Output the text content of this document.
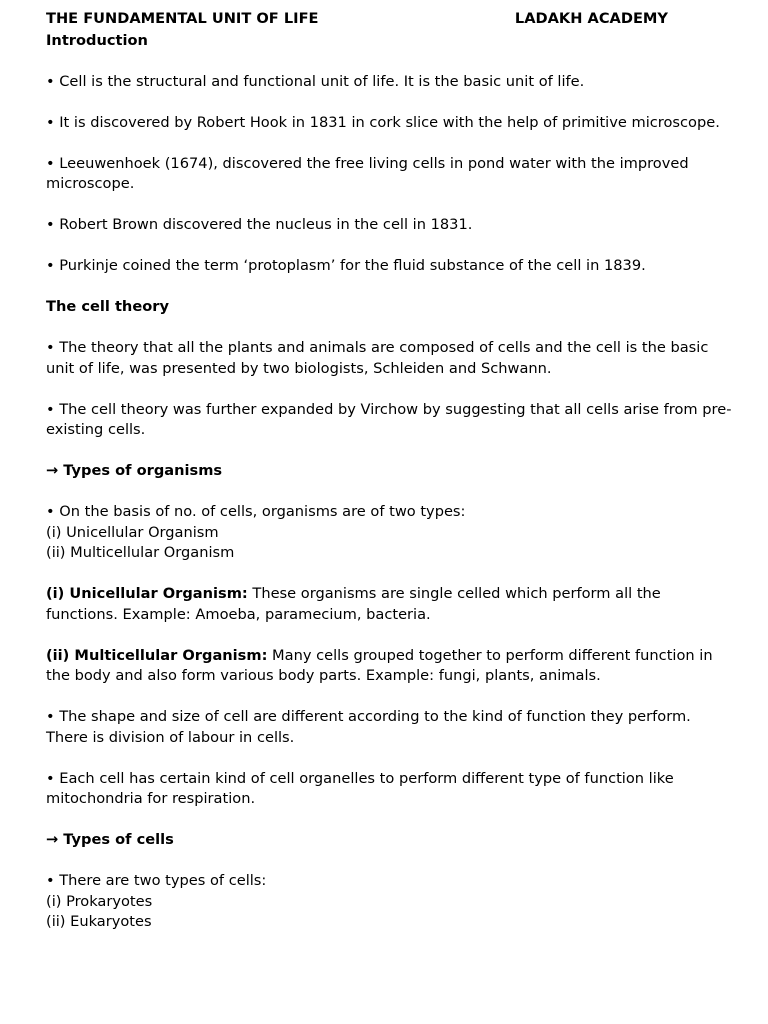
THE FUNDAMENTAL UNIT OF LIFE	LADAKH ACADEMY

Introduction

• Cell is the structural and functional unit of life. It is the basic unit of life.

• It is discovered by Robert Hook in 1831 in cork slice with the help of primitive microscope.

• Leeuwenhoek (1674), discovered the free living cells in pond water with the improved microscope.

• Robert Brown discovered the nucleus in the cell in 1831.

• Purkinje coined the term ‘protoplasm’ for the fluid substance of the cell in 1839.

The cell theory

• The theory that all the plants and animals are composed of cells and the cell is the basic unit of life, was presented by two biologists, Schleiden and Schwann.

• The cell theory was further expanded by Virchow by suggesting that all cells arise from pre-existing cells.

→ Types of organisms

• On the basis of no. of cells, organisms are of two types:

(i) Unicellular Organism

(ii) Multicellular Organism

(i) Unicellular Organism: These organisms are single celled which perform all the functions. Example: Amoeba, paramecium, bacteria.

(ii) Multicellular Organism: Many cells grouped together to perform different function in the body and also form various body parts. Example: fungi, plants, animals.

• The shape and size of cell are different according to the kind of function they perform. There is division of labour in cells.

• Each cell has certain kind of cell organelles to perform different type of function like mitochondria for respiration.

→ Types of cells

• There are two types of cells:

(i) Prokaryotes

(ii) Eukaryotes
